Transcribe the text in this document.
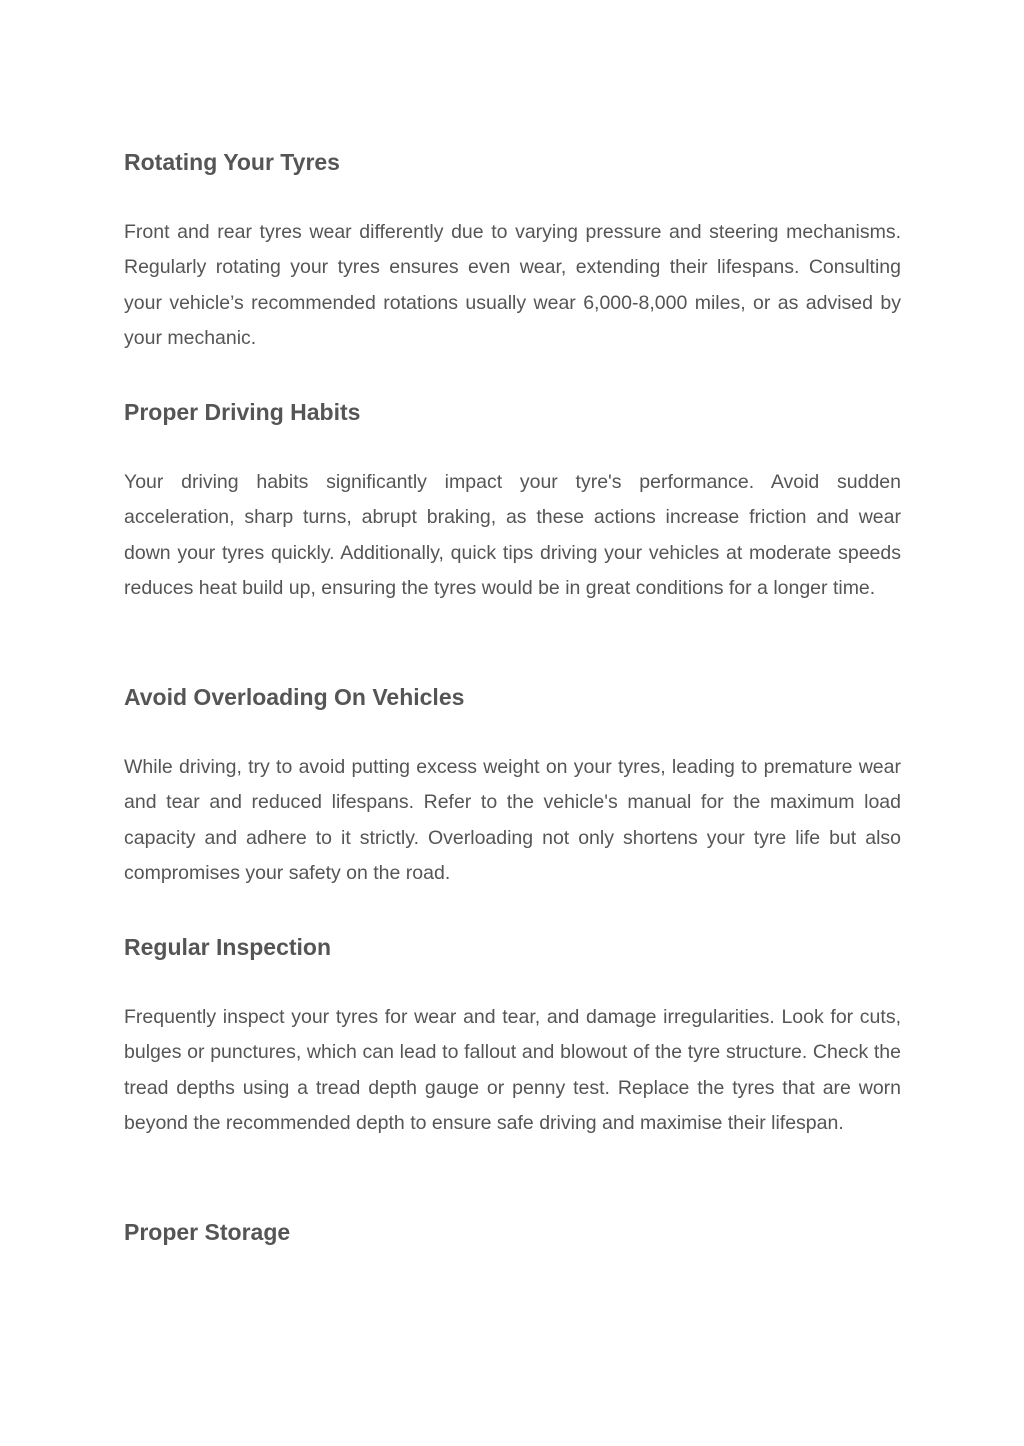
Rotating Your Tyres

Front and rear tyres wear differently due to varying pressure and steering mechanisms. Regularly rotating your tyres ensures even wear, extending their lifespans. Consulting your vehicle’s recommended rotations usually wear 6,000-8,000 miles, or as advised by your mechanic.

Proper Driving Habits

Your driving habits significantly impact your tyre's performance. Avoid sudden acceleration, sharp turns, abrupt braking, as these actions increase friction and wear down your tyres quickly. Additionally, quick tips driving your vehicles at moderate speeds reduces heat build up, ensuring the tyres would be in great conditions for a longer time.

Avoid Overloading On Vehicles

While driving, try to avoid putting excess weight on your tyres, leading to premature wear and tear and reduced lifespans. Refer to the vehicle's manual for the maximum load capacity and adhere to it strictly. Overloading not only shortens your tyre life but also compromises your safety on the road.

Regular Inspection

Frequently inspect your tyres for wear and tear, and damage irregularities. Look for cuts, bulges or punctures, which can lead to fallout and blowout of the tyre structure. Check the tread depths using a tread depth gauge or penny test. Replace the tyres that are worn beyond the recommended depth to ensure safe driving and maximise their lifespan.

Proper Storage
